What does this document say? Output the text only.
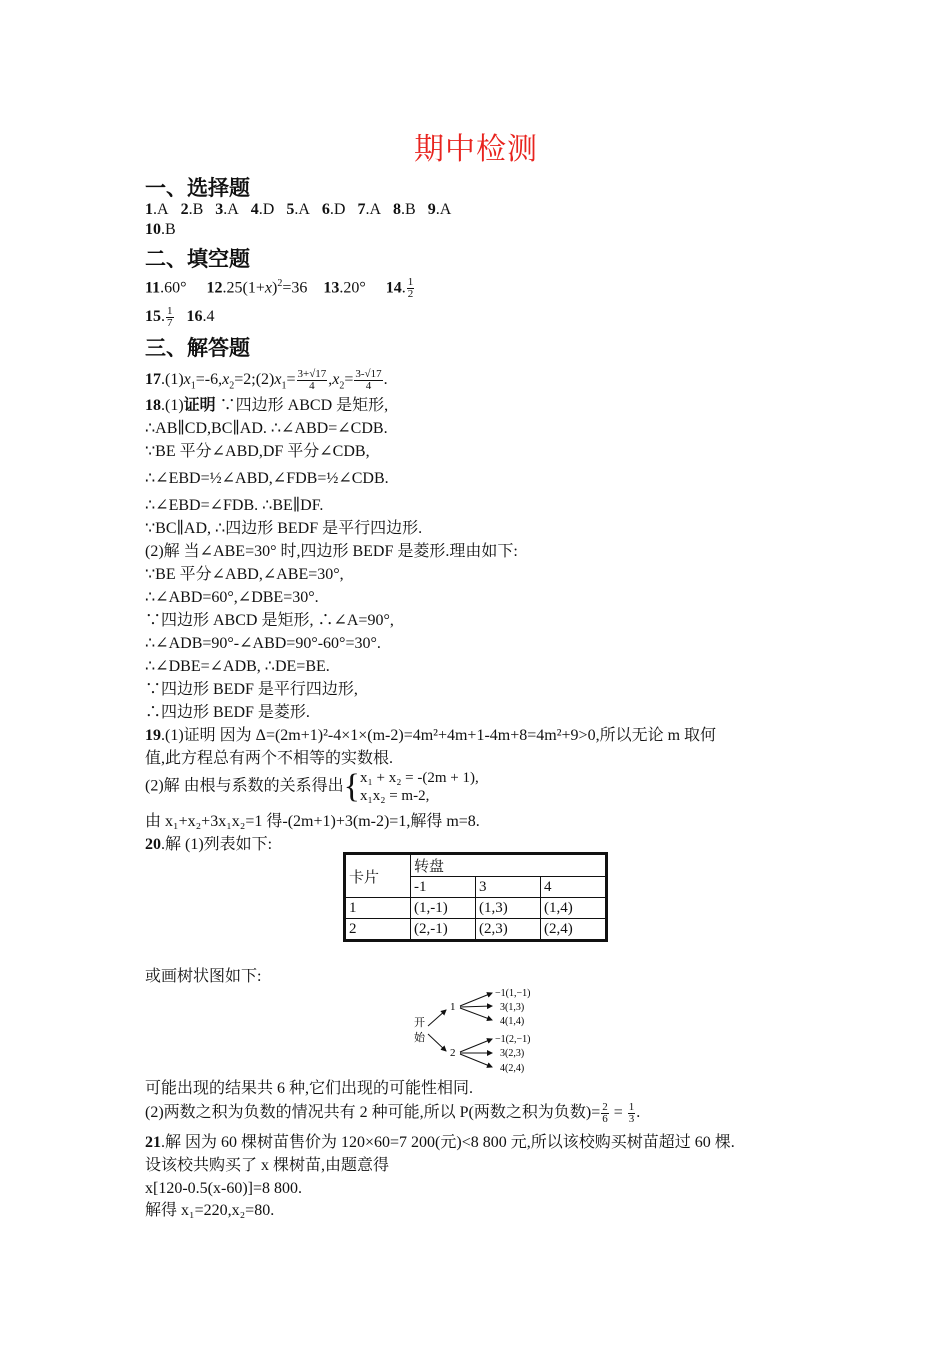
期中检测
一、选择题
1.A 2.B 3.A 4.D 5.A 6.D 7.A 8.B 9.A
10.B
二、填空题
11.60° $12.25(1+x)^2=36$ 13.20° 14. $\frac{1}{2}$
15. $\frac{1}{7} 16.4$
三、解答题
$17.(1)x_1=-6,x_2=2;(2)x_1= \frac{3+√17}{4} ,x_2= \frac{3-√17}{4}$ .
18.(1)证明 ∵四边形 ABCD 是矩形,
∴AB∥CD,BC∥AD. ∴∠ABD=∠CDB.
∵BE 平分∠ABD,DF 平分∠CDB,
∴∠EBD=½∠ABD,∠FDB=½∠CDB.
∴∠EBD=∠FDB. ∴BE∥DF.
∵BC∥AD, ∴四边形 BEDF 是平行四边形.
(2)解 当∠ABE=30° 时,四边形 BEDF 是菱形.理由如下:
∵BE 平分∠ABD,∠ABE=30°,
∴∠ABD=60°,∠DBE=30°.
∵四边形 ABCD 是矩形, ∴∠A=90°,
∴∠ADB=90°-∠ABD=90°-60°=30°.
∴∠DBE=∠ADB, ∴DE=BE.
∵四边形 BEDF 是平行四边形,
∴四边形 BEDF 是菱形.
19.(1)证明 因为 Δ=(2m+1)²-4×1×(m-2)=4m²+4m+1-4m+8=4m²+9>0,所以无论 m 取何
值,此方程总有两个不相等的实数根.
(2)解 由根与系数的关系得出{ x₁ + x₂ = -(2m + 1),
x₁x₂ = m-2,
由 x₁+x₂+3x₁x₂=1 得-(2m+1)+3(m-2)=1,解得 m=8.
20.解 (1)列表如下:
卡片	转盘		
	-1	3	4
1	(1,-1)	(1,3)	(1,4)
2	(2,-1)	(2,3)	(2,4)
或画树状图如下:
开
始
1
2
−1(1,−1)
3(1,3)
4(1,4)
−1(2,−1)
3(2,3)
4(2,4)
可能出现的结果共 6 种,它们出现的可能性相同.
(2)两数之积为负数的情况共有 2 种可能,所以 P(两数之积为负数)= $\frac{2}{6} = \frac{1}{3}$ .
21.解 因为 60 棵树苗售价为 120×60=7 200(元)<8 800 元,所以该校购买树苗超过 60 棵.
设该校共购买了 x 棵树苗,由题意得
x[120-0.5(x-60)]=8 800.
解得 x₁=220,x₂=80.
